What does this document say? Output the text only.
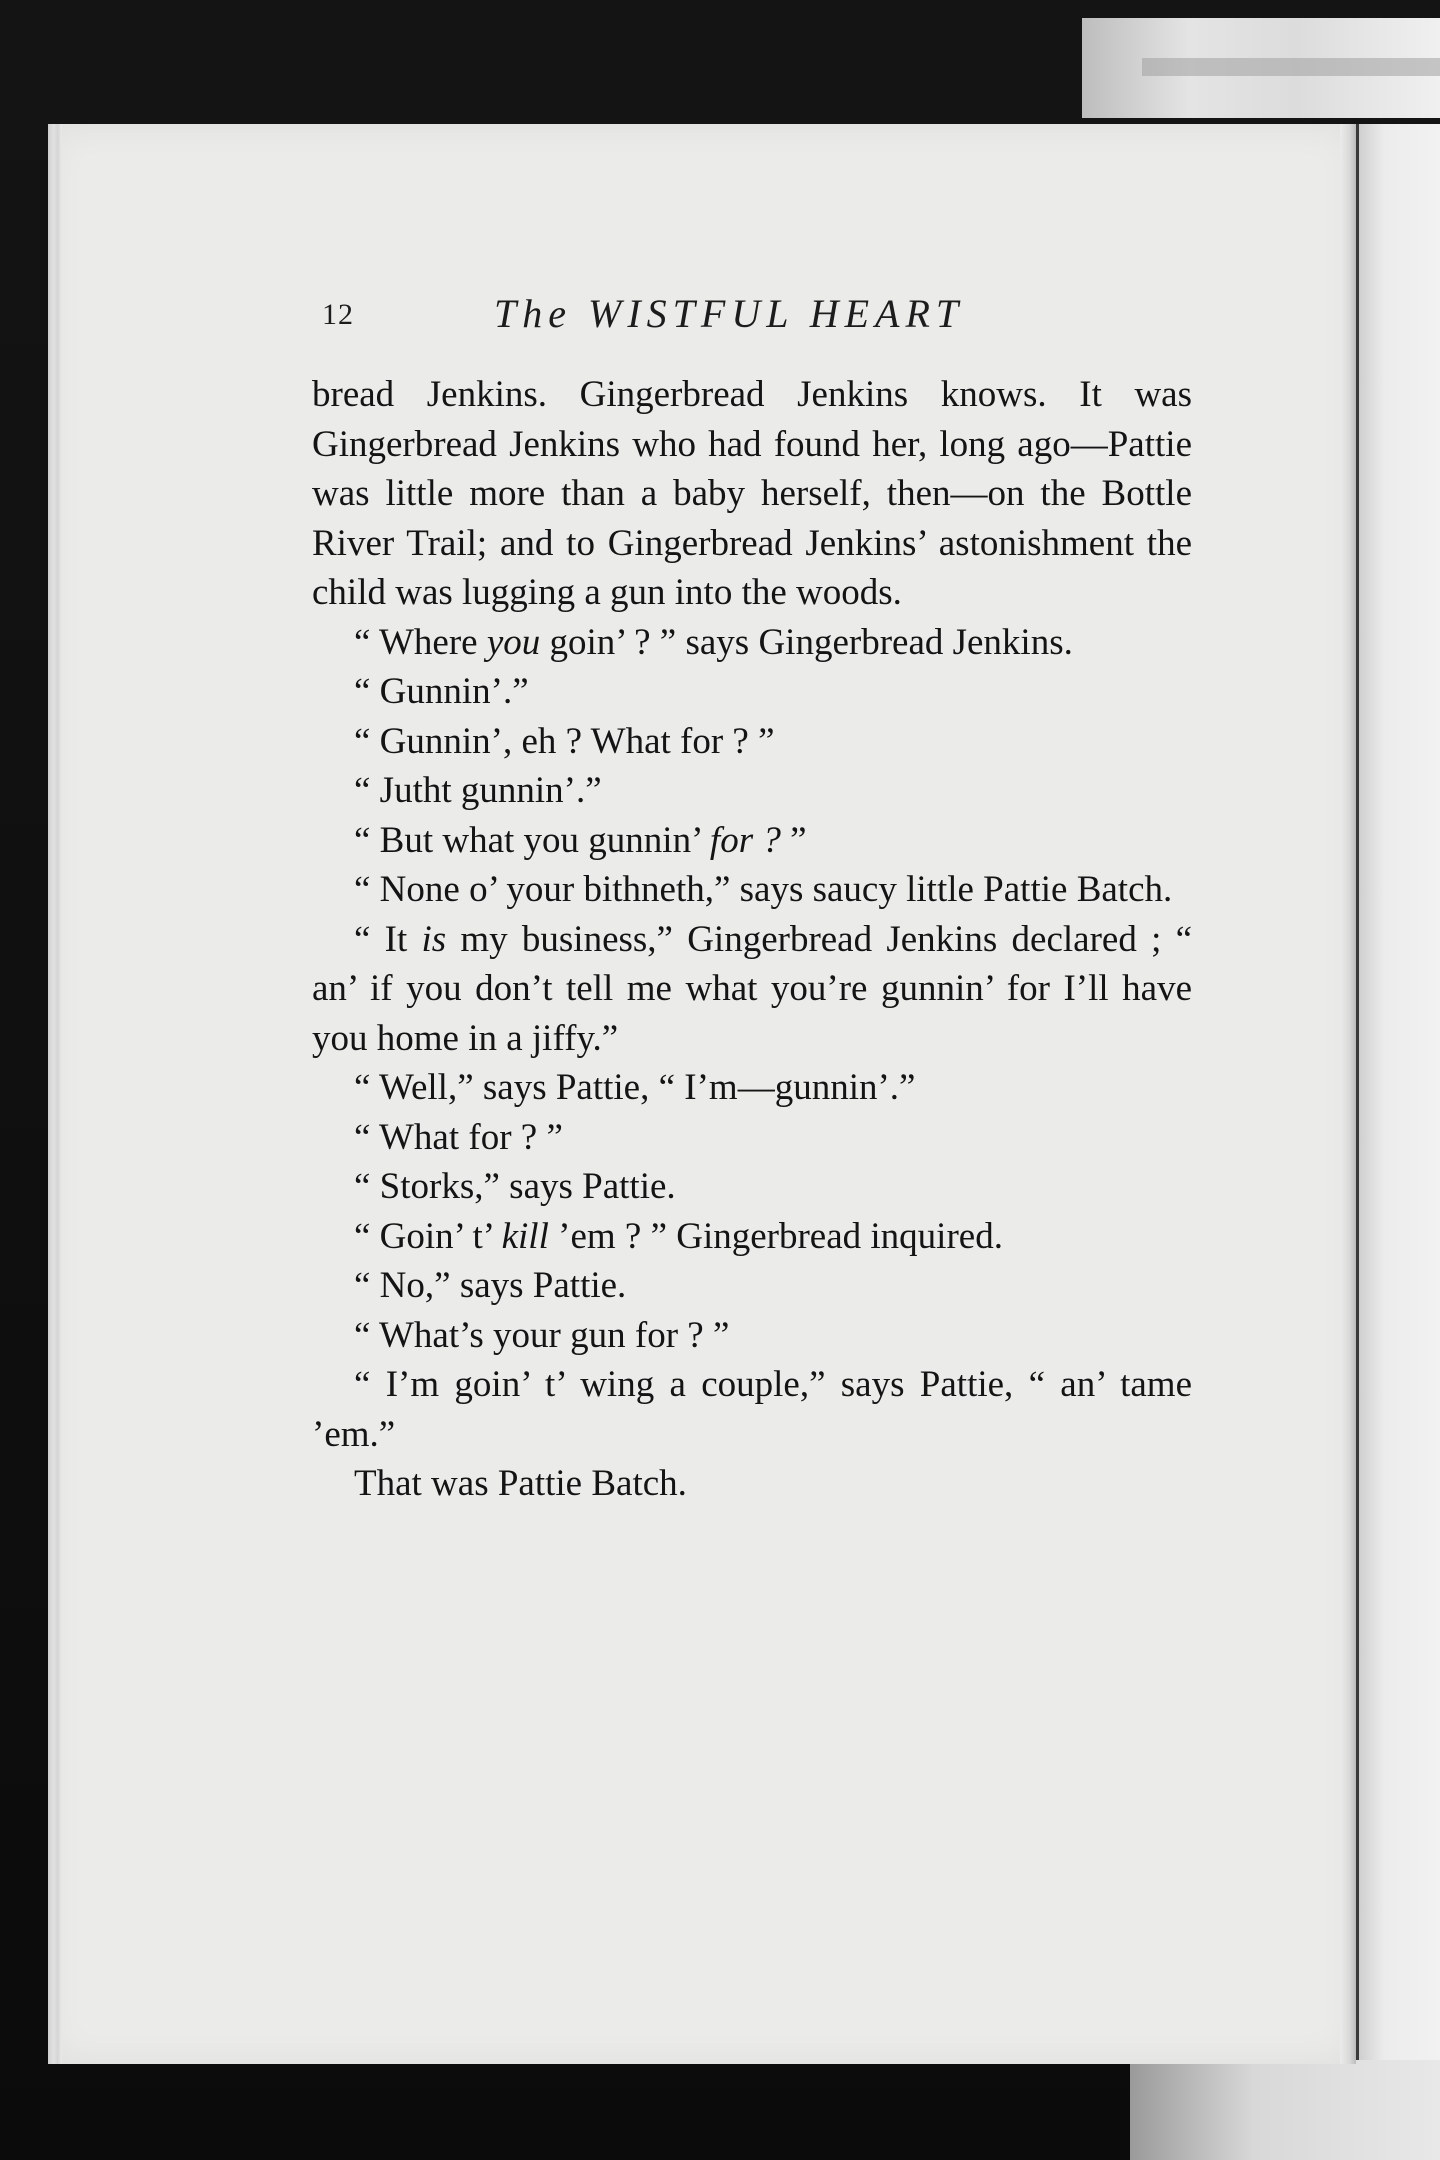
12	The WISTFUL HEART

bread Jenkins. Gingerbread Jenkins knows. It was Gingerbread Jenkins who had found her, long ago—Pattie was little more than a baby herself, then—on the Bottle River Trail; and to Gingerbread Jenkins’ astonishment the child was lugging a gun into the woods.

“ Where you goin’ ? ” says Gingerbread Jenkins.

“ Gunnin’.”

“ Gunnin’, eh ? What for ? ”

“ Jutht gunnin’.”

“ But what you gunnin’ for ? ”

“ None o’ your bithneth,” says saucy little Pattie Batch.

“ It is my business,” Gingerbread Jenkins declared ; “ an’ if you don’t tell me what you’re gunnin’ for I’ll have you home in a jiffy.”

“ Well,” says Pattie, “ I’m—gunnin’.”

“ What for ? ”

“ Storks,” says Pattie.

“ Goin’ t’ kill ’em ? ” Gingerbread inquired.

“ No,” says Pattie.

“ What’s your gun for ? ”

“ I’m goin’ t’ wing a couple,” says Pattie, “ an’ tame ’em.”

That was Pattie Batch.
